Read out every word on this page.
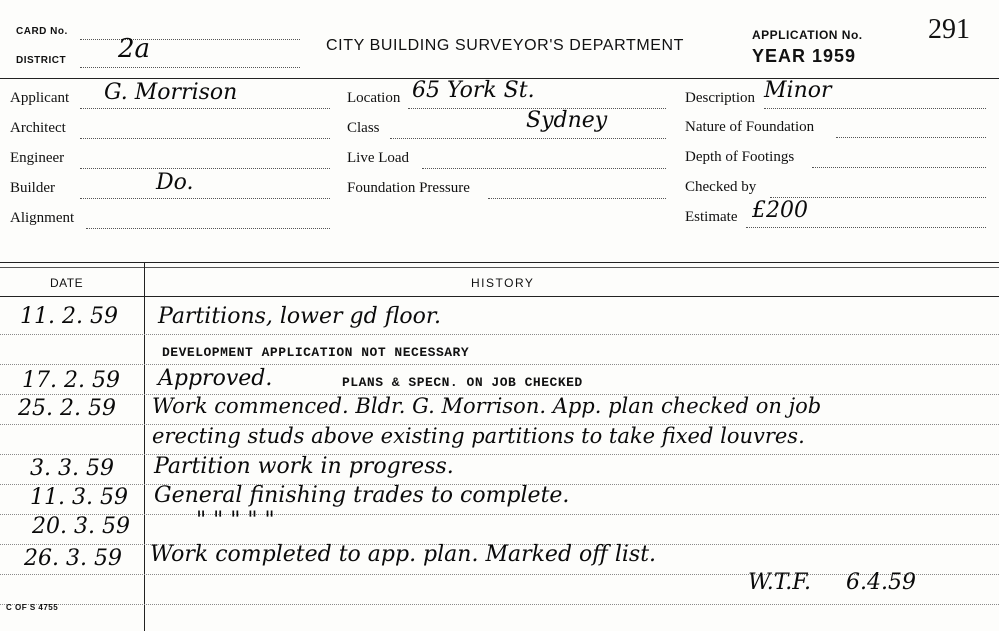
CARD No.
DISTRICT 2a	CITY BUILDING SURVEYOR'S DEPARTMENT
APPLICATION No. 291
YEAR 1959
Applicant G. Morrison
Architect
Engineer
Builder	Do.
Alignment
Location 65 York St.
Class	Sydney
Live Load
Foundation Pressure
Description Minor
Nature of Foundation
Depth of Footings
Checked by
Estimate £200
DATE	HISTORY
11. 2. 59 Partitions, lower gd floor.
DEVELOPMENT APPLICATION NOT NECESSARY
17. 2. 59 Approved.	PLANS & SPECN. ON JOB CHECKED
25. 2. 59 Work commenced. Bldr. G. Morrison. App. plan checked on job
erecting studs above existing partitions to take fixed louvres.
3. 3. 59 Partition work in progress.
11. 3. 59 General finishing trades to complete.
20. 3. 59	" " " " "
26. 3. 59 Work completed to app. plan. Marked off list.
W.T.F. 6.4.59
C OF S 4755
